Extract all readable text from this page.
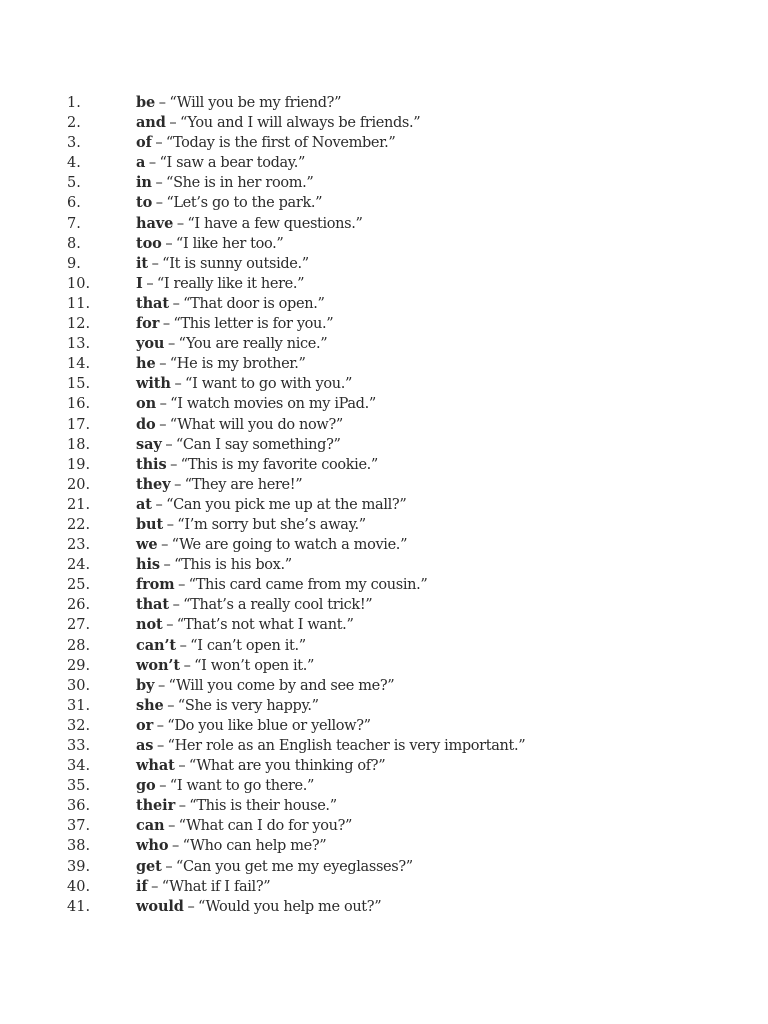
1.	be – “Will you be my friend?”
2.	and – “You and I will always be friends.”
3.	of – “Today is the first of November.”
4.	a – “I saw a bear today.”
5.	in – “She is in her room.”
6.	to – “Let’s go to the park.”
7.	have – “I have a few questions.”
8.	too – “I like her too.”
9.	it – “It is sunny outside.”
10.	I – “I really like it here.”
11.	that – “That door is open.”
12.	for – “This letter is for you.”
13.	you – “You are really nice.”
14.	he – “He is my brother.”
15.	with – “I want to go with you.”
16.	on – “I watch movies on my iPad.”
17.	do – “What will you do now?”
18.	say – “Can I say something?”
19.	this – “This is my favorite cookie.”
20.	they – “They are here!”
21.	at – “Can you pick me up at the mall?”
22.	but – “I’m sorry but she’s away.”
23.	we – “We are going to watch a movie.”
24.	his – “This is his box.”
25.	from – “This card came from my cousin.”
26.	that – “That’s a really cool trick!”
27.	not – “That’s not what I want.”
28.	can’t – “I can’t open it.”
29.	won’t – “I won’t open it.”
30.	by – “Will you come by and see me?”
31.	she – “She is very happy.”
32.	or – “Do you like blue or yellow?”
33.	as – “Her role as an English teacher is very important.”
34.	what – “What are you thinking of?”
35.	go – “I want to go there.”
36.	their – “This is their house.”
37.	can – “What can I do for you?”
38.	who – “Who can help me?”
39.	get – “Can you get me my eyeglasses?”
40.	if – “What if I fail?”
41.	would – “Would you help me out?”
